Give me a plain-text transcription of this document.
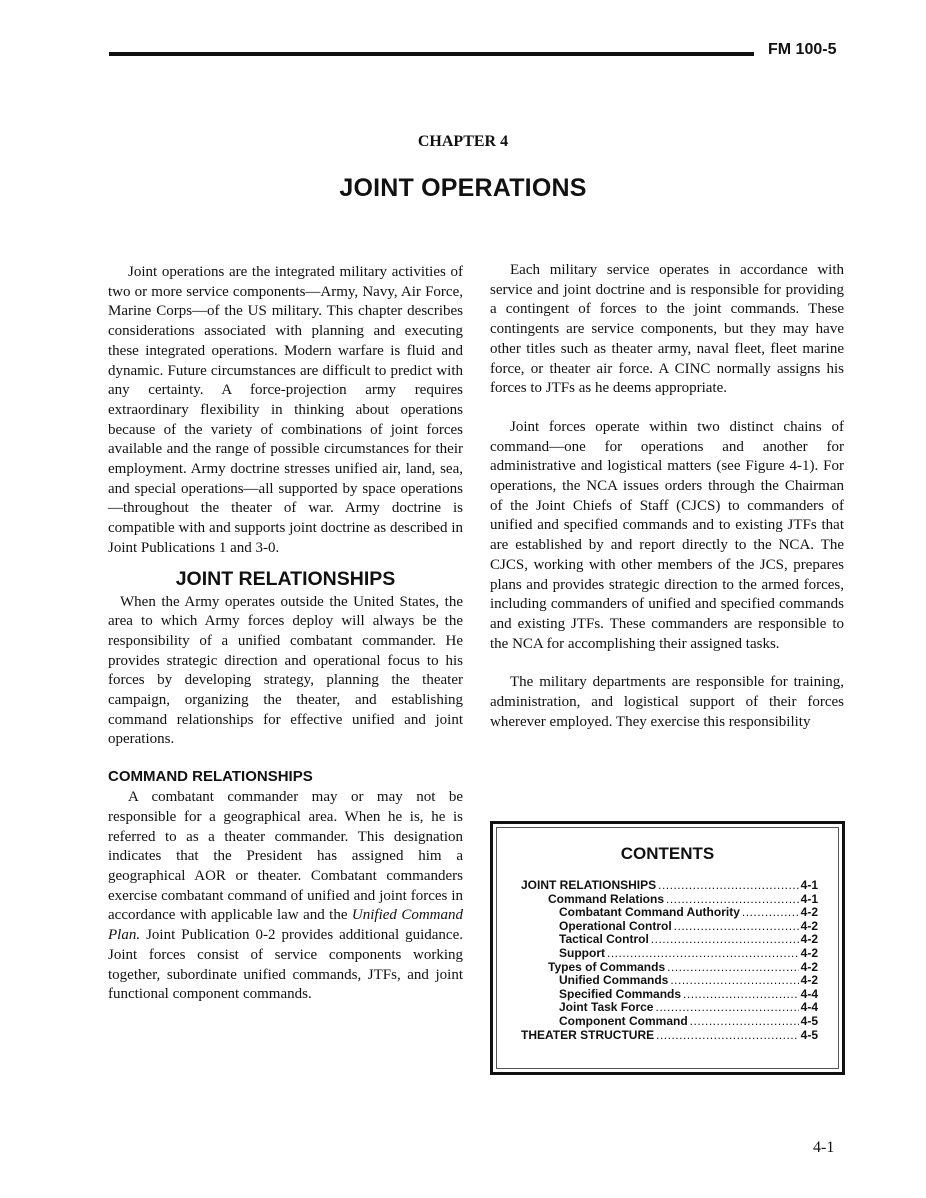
FM 100-5
CHAPTER 4
JOINT OPERATIONS

Joint operations are the integrated military activities of two or more service components—Army, Navy, Air Force, Marine Corps—of the US military. This chapter describes considerations associated with planning and executing these integrated operations. Modern warfare is fluid and dynamic. Future circumstances are difficult to predict with any certainty. A force-projection army requires extraordinary flexibility in thinking about operations because of the variety of combinations of joint forces available and the range of possible circumstances for their employment. Army doctrine stresses unified air, land, sea, and special operations—all supported by space operations—throughout the theater of war. Army doctrine is compatible with and supports joint doctrine as described in Joint Publications 1 and 3-0.

JOINT RELATIONSHIPS

When the Army operates outside the United States, the area to which Army forces deploy will always be the responsibility of a unified combatant commander. He provides strategic direction and operational focus to his forces by developing strategy, planning the theater campaign, organizing the theater, and establishing command relationships for effective unified and joint operations.

COMMAND RELATIONSHIPS

A combatant commander may or may not be responsible for a geographical area. When he is, he is referred to as a theater commander. This designation indicates that the President has assigned him a geographical AOR or theater. Combatant commanders exercise combatant command of unified and joint forces in accordance with applicable law and the Unified Command Plan. Joint Publication 0-2 provides additional guidance. Joint forces consist of service components working together, subordinate unified commands, JTFs, and joint functional component commands.

Each military service operates in accordance with service and joint doctrine and is responsible for providing a contingent of forces to the joint commands. These contingents are service components, but they may have other titles such as theater army, naval fleet, fleet marine force, or theater air force. A CINC normally assigns his forces to JTFs as he deems appropriate.

Joint forces operate within two distinct chains of command—one for operations and another for administrative and logistical matters (see Figure 4-1). For operations, the NCA issues orders through the Chairman of the Joint Chiefs of Staff (CJCS) to commanders of unified and specified commands and to existing JTFs that are established by and report directly to the NCA. The CJCS, working with other members of the JCS, prepares plans and provides strategic direction to the armed forces, including commanders of unified and specified commands and existing JTFs. These commanders are responsible to the NCA for accomplishing their assigned tasks.

The military departments are responsible for training, administration, and logistical support of their forces wherever employed. They exercise this responsibility

CONTENTS
JOINT RELATIONSHIPS .....	4-1
Command Relations .....	4-1
Combatant Command Authority .....	4-2
Operational Control .....	4-2
Tactical Control .....	4-2
Support .....	4-2
Types of Commands .....	4-2
Unified Commands .....	4-2
Specified Commands .....	4-4
Joint Task Force .....	4-4
Component Command .....	4-5
THEATER STRUCTURE .....	4-5
4-1
